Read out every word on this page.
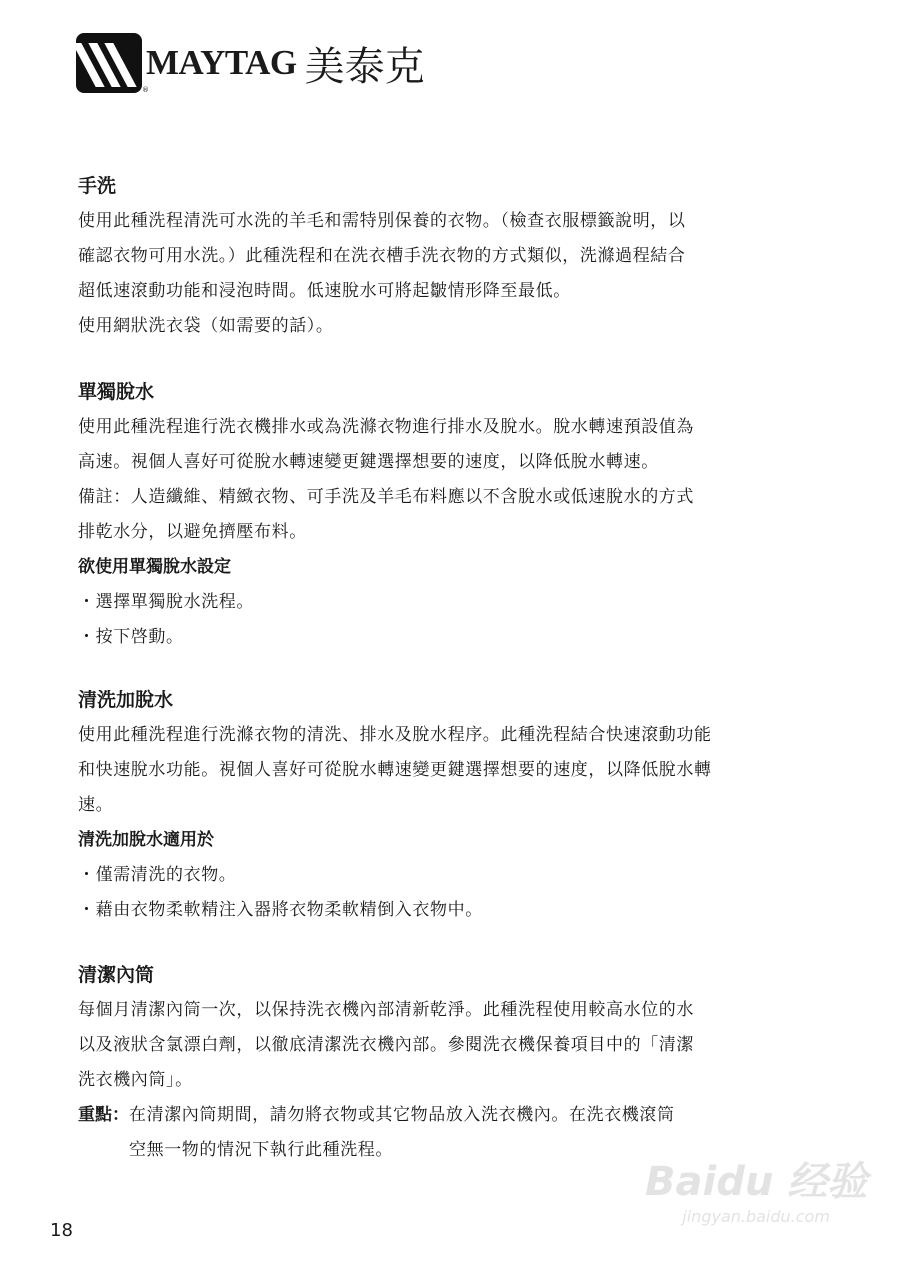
MAYTAG 美泰克
®
手洗
使用此種洗程清洗可水洗的羊毛和需特別保養的衣物。（檢查衣服標籤說明，以
確認衣物可用水洗。）此種洗程和在洗衣槽手洗衣物的方式類似，洗滌過程結合
超低速滾動功能和浸泡時間。低速脫水可將起皺情形降至最低。
使用網狀洗衣袋（如需要的話）。
單獨脫水
使用此種洗程進行洗衣機排水或為洗滌衣物進行排水及脫水。脫水轉速預設值為
高速。視個人喜好可從脫水轉速變更鍵選擇想要的速度，以降低脫水轉速。
備註：人造纖維、精緻衣物、可手洗及羊毛布料應以不含脫水或低速脫水的方式
排乾水分，以避免擠壓布料。
欲使用單獨脫水設定
・選擇單獨脫水洗程。
・按下啓動。
清洗加脫水
使用此種洗程進行洗滌衣物的清洗、排水及脫水程序。此種洗程結合快速滾動功能
和快速脫水功能。視個人喜好可從脫水轉速變更鍵選擇想要的速度，以降低脫水轉
速。
清洗加脫水適用於
・僅需清洗的衣物。
・藉由衣物柔軟精注入器將衣物柔軟精倒入衣物中。
清潔內筒
每個月清潔內筒一次，以保持洗衣機內部清新乾淨。此種洗程使用較高水位的水
以及液狀含氯漂白劑，以徹底清潔洗衣機內部。參閱洗衣機保養項目中的「清潔
洗衣機內筒」。
重點： 在清潔內筒期間，請勿將衣物或其它物品放入洗衣機內。在洗衣機滾筒
空無一物的情況下執行此種洗程。
18
Baidu 经验
jingyan.baidu.com
